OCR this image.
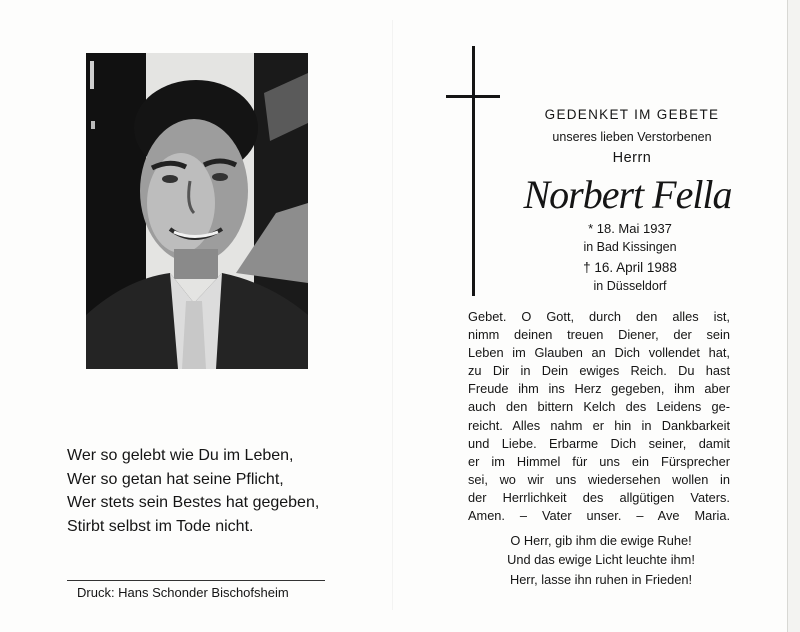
Wer so gelebt wie Du im Leben,
Wer so getan hat seine Pflicht,
Wer stets sein Bestes hat gegeben,
Stirbt selbst im Tode nicht.
Druck: Hans Schonder Bischofsheim
GEDENKET IM GEBETE
unseres lieben Verstorbenen
Herrn
Norbert Fella
* 18. Mai 1937
in Bad Kissingen
† 16. April 1988
in Düsseldorf
Gebet. O Gott, durch den alles ist,
nimm deinen treuen Diener, der sein
Leben im Glauben an Dich vollendet hat,
zu Dir in Dein ewiges Reich. Du hast
Freude ihm ins Herz gegeben, ihm aber
auch den bittern Kelch des Leidens ge-
reicht. Alles nahm er hin in Dankbarkeit
und Liebe. Erbarme Dich seiner, damit
er im Himmel für uns ein Fürsprecher
sei, wo wir uns wiedersehen wollen in
der Herrlichkeit des allgütigen Vaters.
Amen. – Vater unser. – Ave Maria.
O Herr, gib ihm die ewige Ruhe!
Und das ewige Licht leuchte ihm!
Herr, lasse ihn ruhen in Frieden!
